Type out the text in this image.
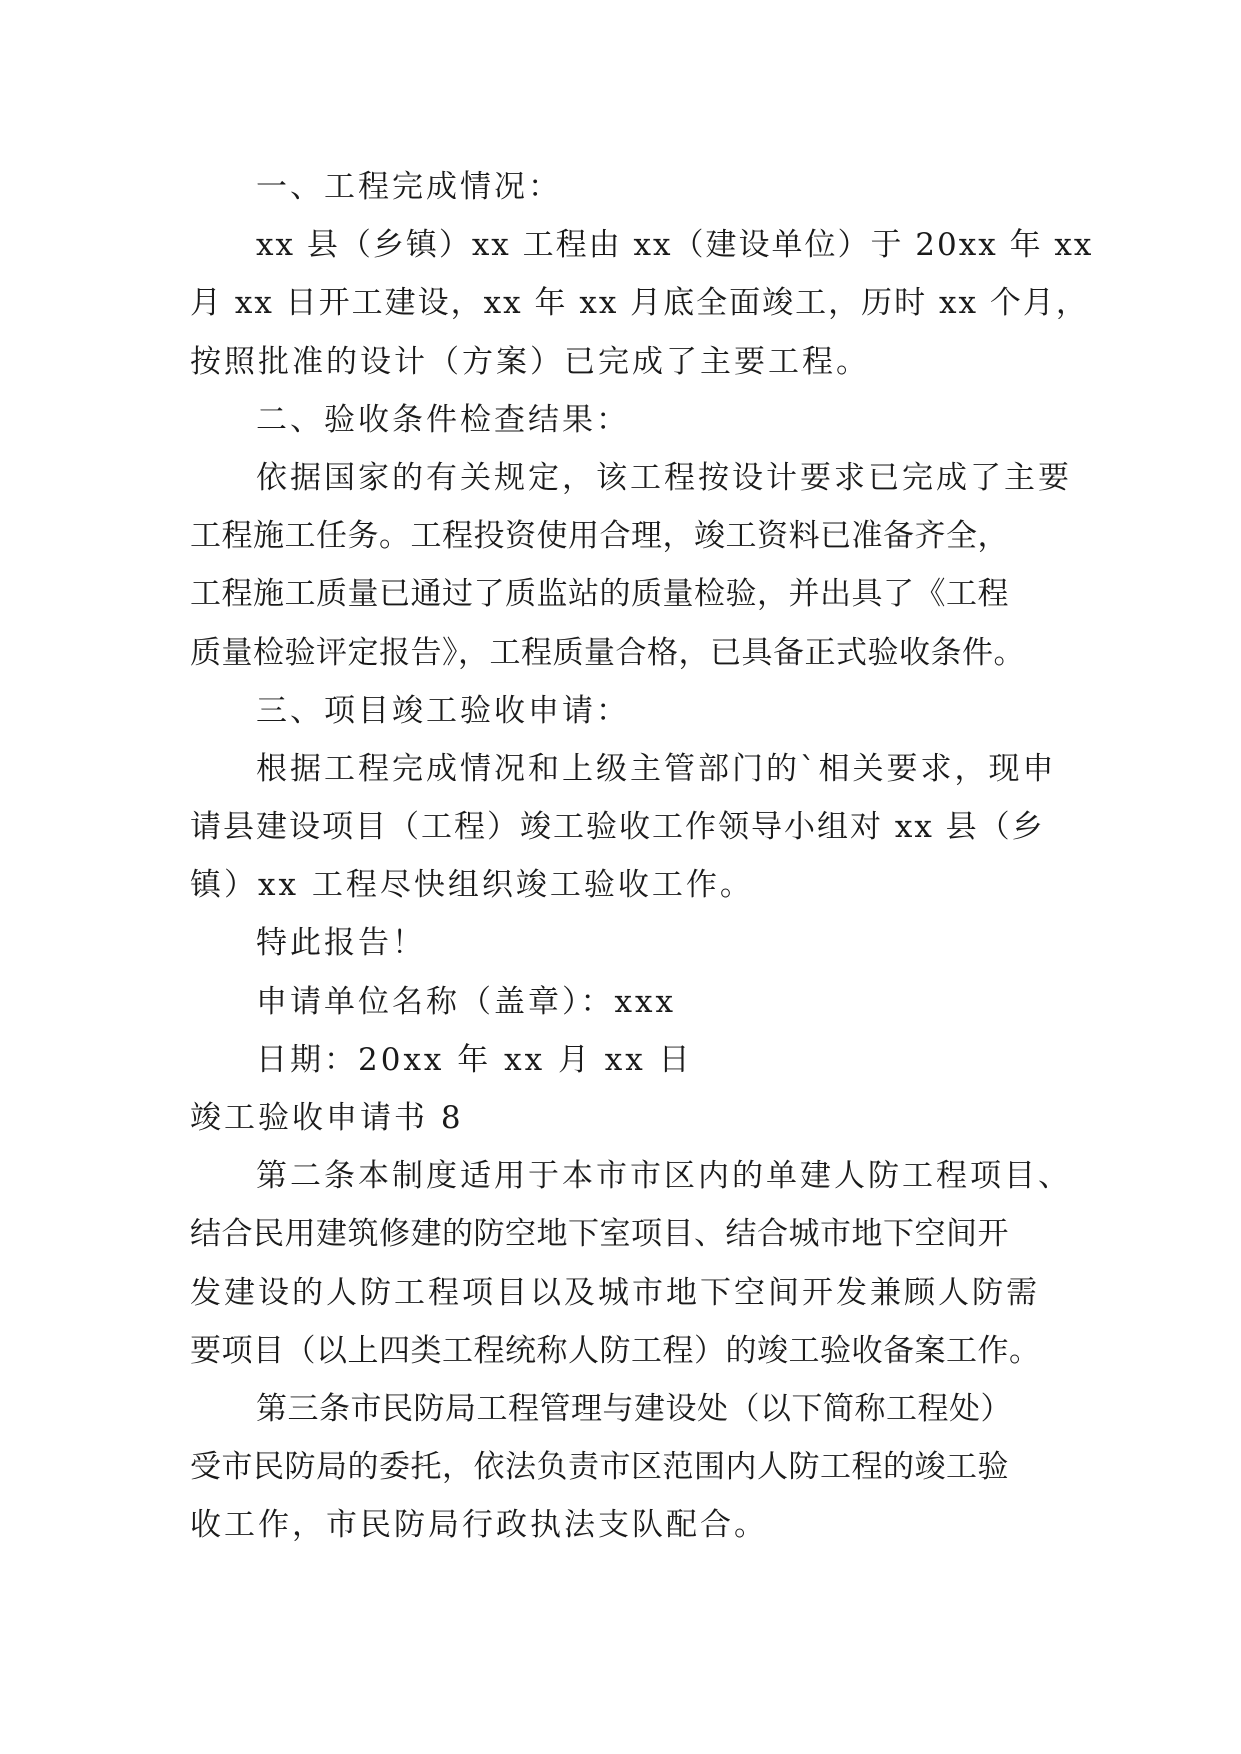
一、工程完成情况：
xx 县（乡镇）xx 工程由 xx（建设单位）于 20xx 年 xx
月 xx 日开工建设，xx 年 xx 月底全面竣工，历时 xx 个月，
按照批准的设计（方案）已完成了主要工程。
二、验收条件检查结果：
依据国家的有关规定，该工程按设计要求已完成了主要
工程施工任务。工程投资使用合理，竣工资料已准备齐全，
工程施工质量已通过了质监站的质量检验，并出具了《工程
质量检验评定报告》，工程质量合格，已具备正式验收条件。
三、项目竣工验收申请：
根据工程完成情况和上级主管部门的`相关要求，现申
请县建设项目（工程）竣工验收工作领导小组对 xx 县（乡
镇）xx 工程尽快组织竣工验收工作。
特此报告！
申请单位名称（盖章）：xxx
日期：20xx 年 xx 月 xx 日
竣工验收申请书 8
第二条本制度适用于本市市区内的单建人防工程项目、
结合民用建筑修建的防空地下室项目、结合城市地下空间开
发建设的人防工程项目以及城市地下空间开发兼顾人防需
要项目（以上四类工程统称人防工程）的竣工验收备案工作。
第三条市民防局工程管理与建设处（以下简称工程处）
受市民防局的委托，依法负责市区范围内人防工程的竣工验
收工作，市民防局行政执法支队配合。
